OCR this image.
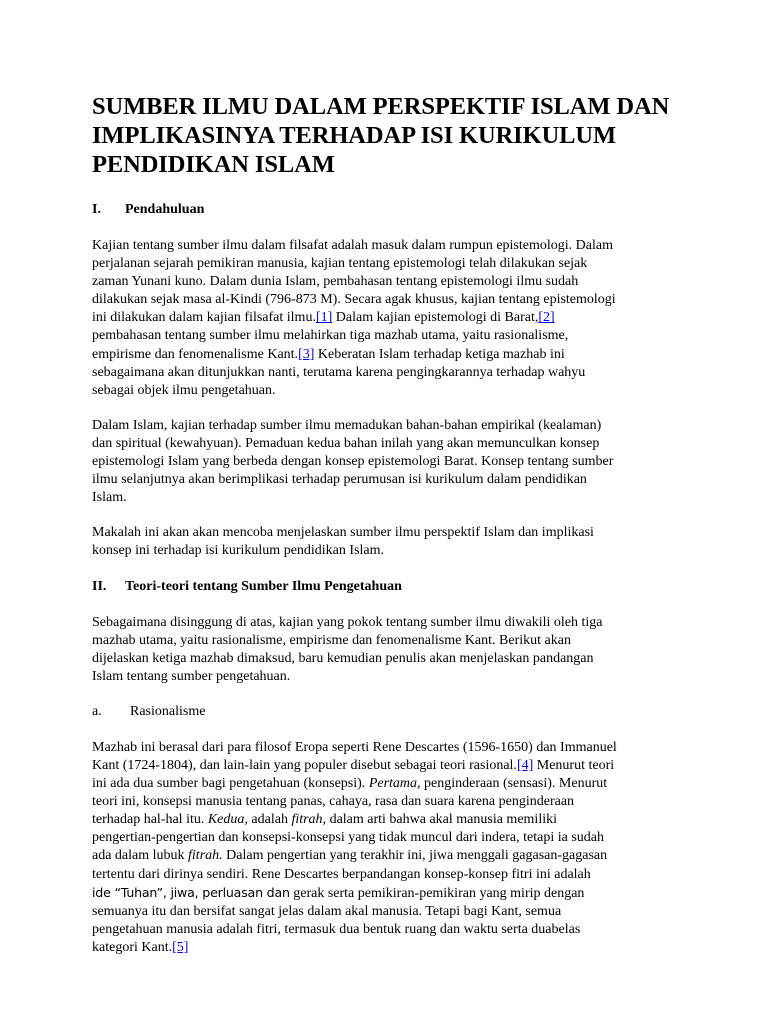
SUMBER ILMU DALAM PERSPEKTIF ISLAM DAN
IMPLIKASINYA TERHADAP ISI KURIKULUM
PENDIDIKAN ISLAM
I. Pendahuluan

Kajian tentang sumber ilmu dalam filsafat adalah masuk dalam rumpun epistemologi. Dalam
perjalanan sejarah pemikiran manusia, kajian tentang epistemologi telah dilakukan sejak
zaman Yunani kuno. Dalam dunia Islam, pembahasan tentang epistemologi ilmu sudah
dilakukan sejak masa al-Kindi (796-873 M). Secara agak khusus, kajian tentang epistemologi
ini dilakukan dalam kajian filsafat ilmu.[1] Dalam kajian epistemologi di Barat,[2]
pembahasan tentang sumber ilmu melahirkan tiga mazhab utama, yaitu rasionalisme,
empirisme dan fenomenalisme Kant.[3] Keberatan Islam terhadap ketiga mazhab ini
sebagaimana akan ditunjukkan nanti, terutama karena pengingkarannya terhadap wahyu
sebagai objek ilmu pengetahuan.

Dalam Islam, kajian terhadap sumber ilmu memadukan bahan-bahan empirikal (kealaman)
dan spiritual (kewahyuan). Pemaduan kedua bahan inilah yang akan memunculkan konsep
epistemologi Islam yang berbeda dengan konsep epistemologi Barat. Konsep tentang sumber
ilmu selanjutnya akan berimplikasi terhadap perumusan isi kurikulum dalam pendidikan
Islam.

Makalah ini akan akan mencoba menjelaskan sumber ilmu perspektif Islam dan implikasi
konsep ini terhadap isi kurikulum pendidikan Islam.

II. Teori-teori tentang Sumber Ilmu Pengetahuan

Sebagaimana disinggung di atas, kajian yang pokok tentang sumber ilmu diwakili oleh tiga
mazhab utama, yaitu rasionalisme, empirisme dan fenomenalisme Kant. Berikut akan
dijelaskan ketiga mazhab dimaksud, baru kemudian penulis akan menjelaskan pandangan
Islam tentang sumber pengetahuan.

a. Rasionalisme

Mazhab ini berasal dari para filosof Eropa seperti Rene Descartes (1596-1650) dan Immanuel
Kant (1724-1804), dan lain-lain yang populer disebut sebagai teori rasional.[4] Menurut teori
ini ada dua sumber bagi pengetahuan (konsepsi). Pertama, penginderaan (sensasi). Menurut
teori ini, konsepsi manusia tentang panas, cahaya, rasa dan suara karena penginderaan
terhadap hal-hal itu. Kedua, adalah fitrah, dalam arti bahwa akal manusia memiliki
pengertian-pengertian dan konsepsi-konsepsi yang tidak muncul dari indera, tetapi ia sudah
ada dalam lubuk fitrah. Dalam pengertian yang terakhir ini, jiwa menggali gagasan-gagasan
tertentu dari dirinya sendiri. Rene Descartes berpandangan konsep-konsep fitri ini adalah
ide “Tuhan”, jiwa, perluasan dan gerak serta pemikiran-pemikiran yang mirip dengan
semuanya itu dan bersifat sangat jelas dalam akal manusia. Tetapi bagi Kant, semua
pengetahuan manusia adalah fitri, termasuk dua bentuk ruang dan waktu serta duabelas
kategori Kant.[5]
